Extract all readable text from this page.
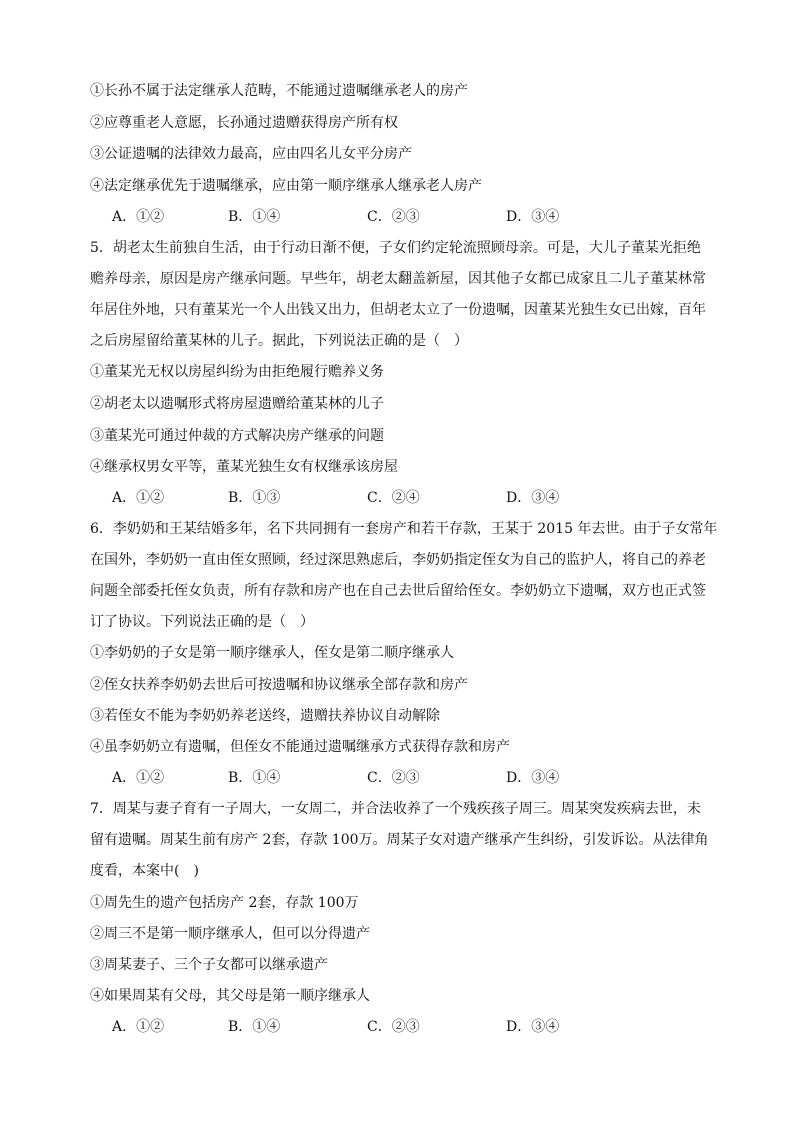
①长孙不属于法定继承人范畴，不能通过遗嘱继承老人的房产
②应尊重老人意愿，长孙通过遗赠获得房产所有权
③公证遗嘱的法律效力最高，应由四名儿女平分房产
④法定继承优先于遗嘱继承，应由第一顺序继承人继承老人房产
A．①②	B．①④	C．②③	D．③④
5．胡老太生前独自生活，由于行动日渐不便，子女们约定轮流照顾母亲。可是，大儿子董某光拒绝
赡养母亲，原因是房产继承问题。早些年，胡老太翻盖新屋，因其他子女都已成家且二儿子董某林常
年居住外地，只有董某光一个人出钱又出力，但胡老太立了一份遗嘱，因董某光独生女已出嫁，百年
之后房屋留给董某林的儿子。据此，下列说法正确的是（　）
①董某光无权以房屋纠纷为由拒绝履行赡养义务
②胡老太以遗嘱形式将房屋遗赠给董某林的儿子
③董某光可通过仲裁的方式解决房产继承的问题
④继承权男女平等，董某光独生女有权继承该房屋
A．①②	B．①③	C．②④	D．③④
6．李奶奶和王某结婚多年，名下共同拥有一套房产和若干存款，王某于 2015 年去世。由于子女常年
在国外，李奶奶一直由侄女照顾，经过深思熟虑后，李奶奶指定侄女为自己的监护人，将自己的养老
问题全部委托侄女负责，所有存款和房产也在自己去世后留给侄女。李奶奶立下遗嘱，双方也正式签
订了协议。下列说法正确的是（　）
①李奶奶的子女是第一顺序继承人，侄女是第二顺序继承人
②侄女扶养李奶奶去世后可按遗嘱和协议继承全部存款和房产
③若侄女不能为李奶奶养老送终，遗赠扶养协议自动解除
④虽李奶奶立有遗嘱，但侄女不能通过遗嘱继承方式获得存款和房产
A．①②	B．①④	C．②③	D．③④
7．周某与妻子育有一子周大，一女周二，并合法收养了一个残疾孩子周三。周某突发疾病去世，未
留有遗嘱。周某生前有房产 2套，存款 100万。周某子女对遗产继承产生纠纷，引发诉讼。从法律角
度看，本案中(　)
①周先生的遗产包括房产 2套，存款 100万
②周三不是第一顺序继承人，但可以分得遗产
③周某妻子、三个子女都可以继承遗产
④如果周某有父母，其父母是第一顺序继承人
A．①②	B．①④	C．②③	D．③④
